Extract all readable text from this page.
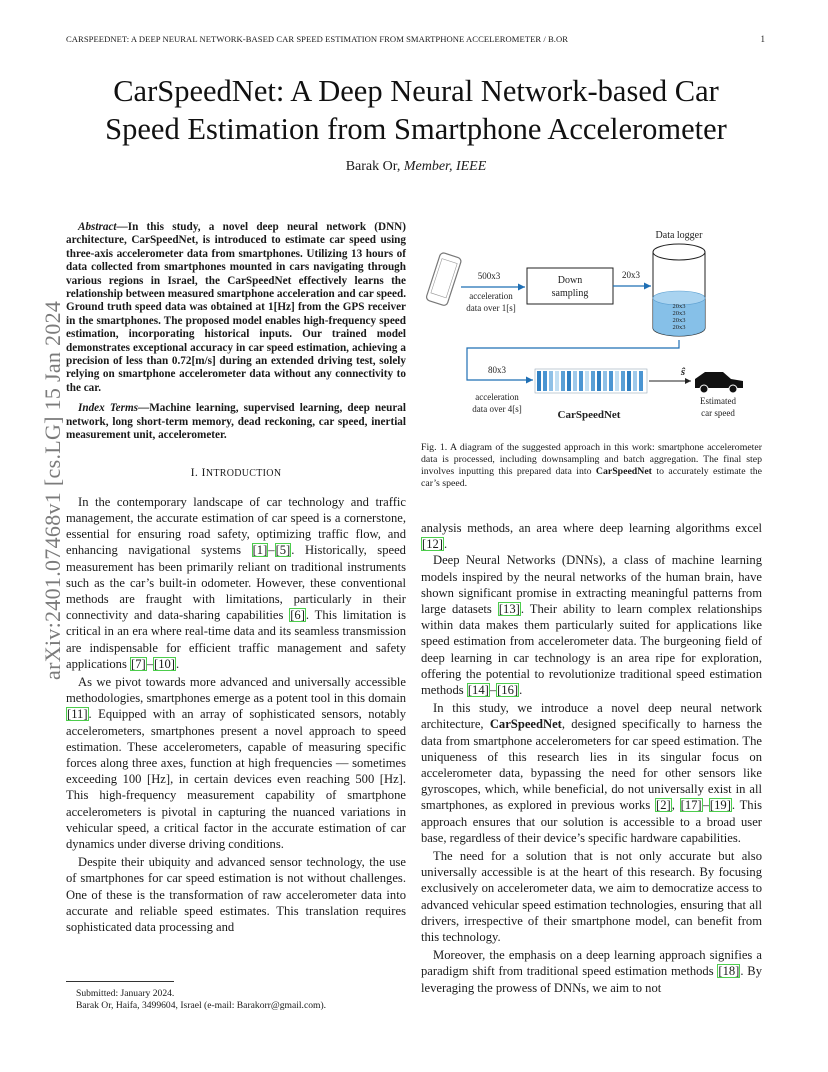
CARSPEEDNET: A DEEP NEURAL NETWORK-BASED CAR SPEED ESTIMATION FROM SMARTPHONE ACCELEROMETER / B.OR	1
arXiv:2401.07468v1 [cs.LG] 15 Jan 2024
CarSpeedNet: A Deep Neural Network-based Car
Speed Estimation from Smartphone Accelerometer
Barak Or, Member, IEEE

Abstract—In this study, a novel deep neural network (DNN) architecture, CarSpeedNet, is introduced to estimate car speed using three-axis accelerometer data from smartphones. Utilizing 13 hours of data collected from smartphones mounted in cars navigating through various regions in Israel, the CarSpeedNet effectively learns the relationship between measured smartphone acceleration and car speed. Ground truth speed data was obtained at 1[Hz] from the GPS receiver in the smartphones. The proposed model enables high-frequency speed estimation, incorporating historical inputs. Our trained model demonstrates exceptional accuracy in car speed estimation, achieving a precision of less than 0.72[m/s] during an extended driving test, solely relying on smartphone accelerometer data without any connectivity to the car.

Index Terms—Machine learning, supervised learning, deep neural network, long short-term memory, dead reckoning, car speed, inertial measurement unit, accelerometer.

I. INTRODUCTION

In the contemporary landscape of car technology and traffic management, the accurate estimation of car speed is a cornerstone, essential for ensuring road safety, optimizing traffic flow, and enhancing navigational systems [1]–[5]. Historically, speed measurement has been primarily reliant on traditional instruments such as the car’s built-in odometer. However, these conventional methods are fraught with limitations, particularly in their connectivity and data-sharing capabilities [6]. This limitation is critical in an era where real-time data and its seamless transmission are indispensable for efficient traffic management and safety applications [7]–[10].

As we pivot towards more advanced and universally accessible methodologies, smartphones emerge as a potent tool in this domain [11]. Equipped with an array of sophisticated sensors, notably accelerometers, smartphones present a novel approach to speed estimation. These accelerometers, capable of measuring specific forces along three axes, function at high frequencies — sometimes exceeding 100 [Hz], in certain devices even reaching 500 [Hz]. This high-frequency measurement capability of smartphone accelerometers is pivotal in capturing the nuanced variations in vehicular speed, a critical factor in the accurate estimation of car dynamics under diverse driving conditions.

Despite their ubiquity and advanced sensor technology, the use of smartphones for car speed estimation is not without challenges. One of these is the transformation of raw accelerometer data into accurate and reliable speed estimates. This translation requires sophisticated data processing and

Submitted: January 2024.
Barak Or, Haifa, 3499604, Israel (e-mail: Barakorr@gmail.com).
500x3
acceleration
data over 1[s]
Down
sampling
20x3
20x3
20x3
20x3
20x3
Data logger
80x3
acceleration
data over 4[s]	CarSpeedNet
ŝ
Estimated
car speed

Fig. 1. A diagram of the suggested approach in this work: smartphone accelerometer data is processed, including downsampling and batch aggregation. The final step involves inputting this prepared data into CarSpeedNet to accurately estimate the car’s speed.

analysis methods, an area where deep learning algorithms excel [12].

Deep Neural Networks (DNNs), a class of machine learning models inspired by the neural networks of the human brain, have shown significant promise in extracting meaningful patterns from large datasets [13]. Their ability to learn complex relationships within data makes them particularly suited for applications like speed estimation from accelerometer data. The burgeoning field of deep learning in car technology is an area ripe for exploration, offering the potential to revolutionize traditional speed estimation methods [14]–[16].

In this study, we introduce a novel deep neural network architecture, CarSpeedNet, designed specifically to harness the data from smartphone accelerometers for car speed estimation. The uniqueness of this research lies in its singular focus on accelerometer data, bypassing the need for other sensors like gyroscopes, which, while beneficial, do not universally exist in all smartphones, as explored in previous works [2], [17]–[19]. This approach ensures that our solution is accessible to a broad user base, regardless of their device’s specific hardware capabilities.

The need for a solution that is not only accurate but also universally accessible is at the heart of this research. By focusing exclusively on accelerometer data, we aim to democratize access to advanced vehicular speed estimation technologies, ensuring that all drivers, irrespective of their smartphone model, can benefit from this technology.

Moreover, the emphasis on a deep learning approach signifies a paradigm shift from traditional speed estimation methods [18]. By leveraging the prowess of DNNs, we aim to not
